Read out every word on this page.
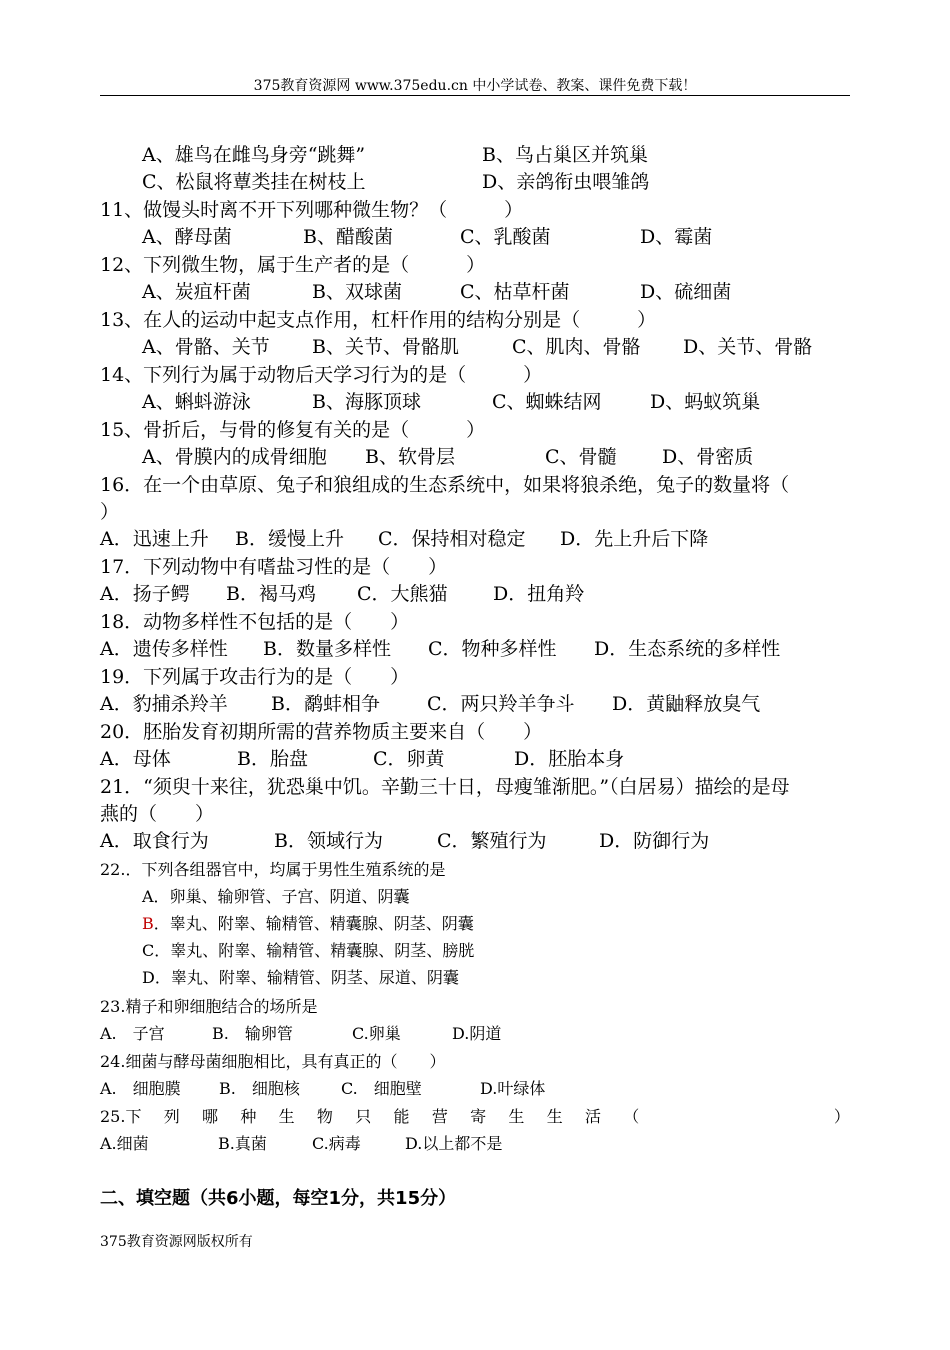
375教育资源网 www.375edu.cn 中小学试卷、教案、课件免费下载！
A、雄鸟在雌鸟身旁“跳舞”	B、鸟占巢区并筑巢
C、松鼠将蕈类挂在树枝上	D、亲鸽衔虫喂雏鸽
11、做馒头时离不开下列哪种微生物？（　　　）
A、酵母菌	B、醋酸菌	C、乳酸菌	D、霉菌
12、下列微生物，属于生产者的是（　　　）
A、炭疽杆菌	B、双球菌	C、枯草杆菌	D、硫细菌
13、在人的运动中起支点作用，杠杆作用的结构分别是（　　　）
A、骨骼、关节 B、关节、骨骼肌	C、肌肉、骨骼 D、关节、骨骼
14、下列行为属于动物后天学习行为的是（　　　）
A、蝌蚪游泳	B、海豚顶球	C、蜘蛛结网	D、蚂蚁筑巢
15、骨折后，与骨的修复有关的是（　　　）
A、骨膜内的成骨细胞 B、软骨层	C、骨髓 D、骨密质
16．在一个由草原、兔子和狼组成的生态系统中，如果将狼杀绝，兔子的数量将（
）
A．迅速上升 B．缓慢上升 C．保持相对稳定 D．先上升后下降
17．下列动物中有嗜盐习性的是（　　）
A．扬子鳄 B．褐马鸡 C．大熊猫 D．扭角羚
18．动物多样性不包括的是（　　）
A．遗传多样性 B．数量多样性 C．物种多样性 D．生态系统的多样性
19．下列属于攻击行为的是（　　）
A．豹捕杀羚羊 B．鹬蚌相争 C．两只羚羊争斗 D．黄鼬释放臭气
20．胚胎发育初期所需的营养物质主要来自（　　）
A．母体	B．胎盘	C．卵黄	D．胚胎本身
21．“须臾十来往，犹恐巢中饥。辛勤三十日，母瘦雏渐肥。”（白居易）描绘的是母
燕的（　　）
A．取食行为	B．领域行为	C．繁殖行为	D．防御行为
22.．下列各组器官中，均属于男性生殖系统的是
A．卵巢、输卵管、子宫、阴道、阴囊
B．睾丸、附睾、输精管、精囊腺、阴茎、阴囊
C．睾丸、附睾、输精管、精囊腺、阴茎、膀胱
D．睾丸、附睾、输精管、阴茎、尿道、阴囊
23.精子和卵细胞结合的场所是
A.　子宫	B.　输卵管	C.卵巢	D.阴道
24.细菌与酵母菌细胞相比，具有真正的（　　）
A.　细胞膜 B.　细胞核	C.　细胞壁	D.叶绿体
25.下 列 哪 种 生 物 只 能 营 寄 生 生 活 （	）
A.细菌	B.真菌	C.病毒	D.以上都不是
二、填空题（共6小题，每空1分，共15分）
375教育资源网版权所有
